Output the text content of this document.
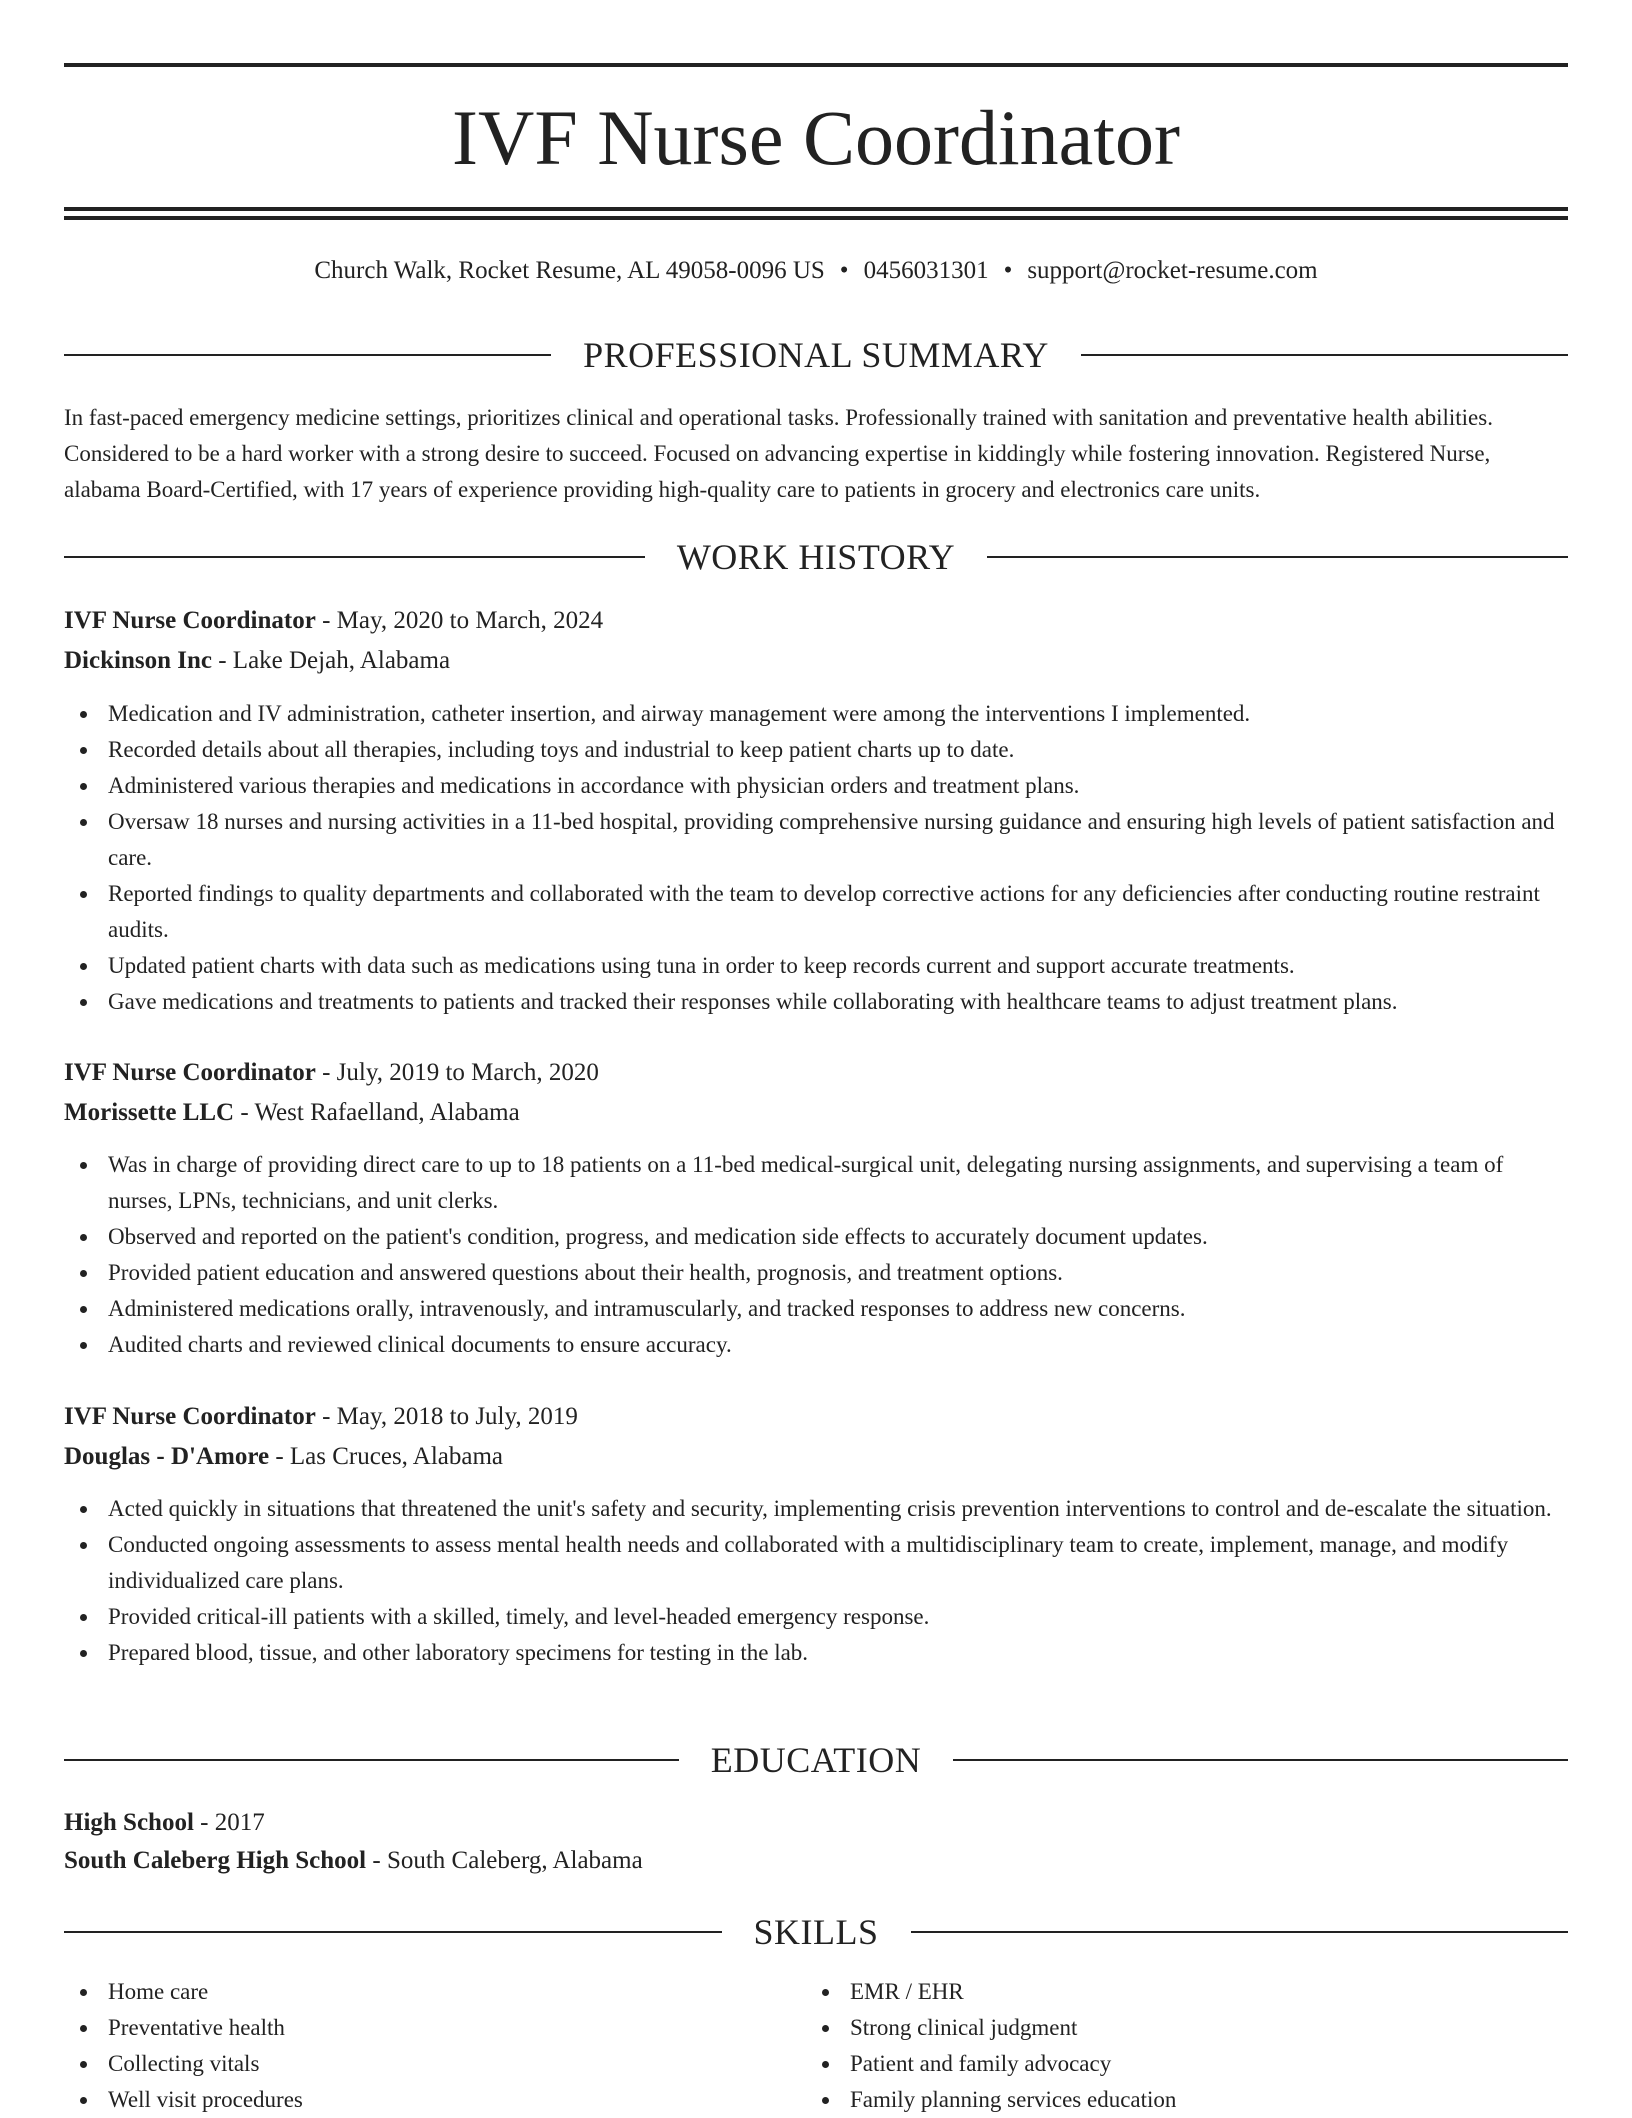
IVF Nurse Coordinator
Church Walk, Rocket Resume, AL 49058-0096 US • 0456031301 • support@rocket-resume.com
PROFESSIONAL SUMMARY

In fast-paced emergency medicine settings, prioritizes clinical and operational tasks. Professionally trained with sanitation and preventative health abilities. Considered to be a hard worker with a strong desire to succeed. Focused on advancing expertise in kiddingly while fostering innovation. Registered Nurse, alabama Board-Certified, with 17 years of experience providing high-quality care to patients in grocery and electronics care units.

WORK HISTORY
IVF Nurse Coordinator - May, 2020 to March, 2024
Dickinson Inc - Lake Dejah, Alabama
Medication and IV administration, catheter insertion, and airway management were among the interventions I implemented.
Recorded details about all therapies, including toys and industrial to keep patient charts up to date.
Administered various therapies and medications in accordance with physician orders and treatment plans.
Oversaw 18 nurses and nursing activities in a 11-bed hospital, providing comprehensive nursing guidance and ensuring high levels of patient satisfaction and care.
Reported findings to quality departments and collaborated with the team to develop corrective actions for any deficiencies after conducting routine restraint audits.
Updated patient charts with data such as medications using tuna in order to keep records current and support accurate treatments.
Gave medications and treatments to patients and tracked their responses while collaborating with healthcare teams to adjust treatment plans.
IVF Nurse Coordinator - July, 2019 to March, 2020
Morissette LLC - West Rafaelland, Alabama
Was in charge of providing direct care to up to 18 patients on a 11-bed medical-surgical unit, delegating nursing assignments, and supervising a team of nurses, LPNs, technicians, and unit clerks.
Observed and reported on the patient's condition, progress, and medication side effects to accurately document updates.
Provided patient education and answered questions about their health, prognosis, and treatment options.
Administered medications orally, intravenously, and intramuscularly, and tracked responses to address new concerns.
Audited charts and reviewed clinical documents to ensure accuracy.
IVF Nurse Coordinator - May, 2018 to July, 2019
Douglas - D'Amore - Las Cruces, Alabama
Acted quickly in situations that threatened the unit's safety and security, implementing crisis prevention interventions to control and de-escalate the situation.
Conducted ongoing assessments to assess mental health needs and collaborated with a multidisciplinary team to create, implement, manage, and modify individualized care plans.
Provided critical-ill patients with a skilled, timely, and level-headed emergency response.
Prepared blood, tissue, and other laboratory specimens for testing in the lab.
EDUCATION
High School - 2017
South Caleberg High School - South Caleberg, Alabama
SKILLS
Home care
Preventative health
Collecting vitals
Well visit procedures
EMR / EHR
Strong clinical judgment
Patient and family advocacy
Family planning services education
